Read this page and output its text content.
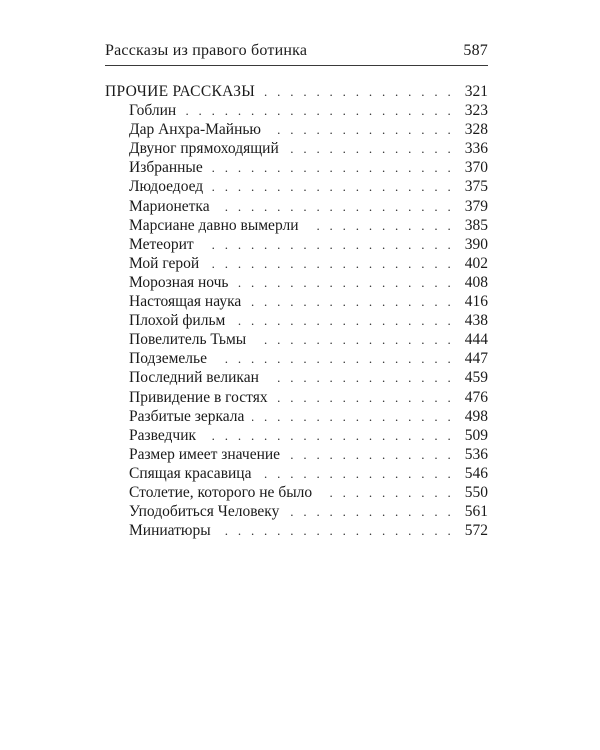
Рассказы из правого ботинка	587
ПРОЧИЕ РАССКАЗЫ . . .	321
Гоблин . . .	323
Дар Анхра-Майнью . . .	328
Двуног прямоходящий . . .	336
Избранные . . .	370
Людоедоед . . .	375
Марионетка . . .	379
Марсиане давно вымерли . . .	385
Метеорит . . .	390
Мой герой . . .	402
Морозная ночь . . .	408
Настоящая наука . . .	416
Плохой фильм . . .	438
Повелитель Тьмы . . .	444
Подземелье . . .	447
Последний великан . . .	459
Привидение в гостях . . .	476
Разбитые зеркала . . .	498
Разведчик . . .	509
Размер имеет значение . . .	536
Спящая красавица . . .	546
Столетие, которого не было . . .	550
Уподобиться Человеку . . .	561
Миниатюры . . .	572
